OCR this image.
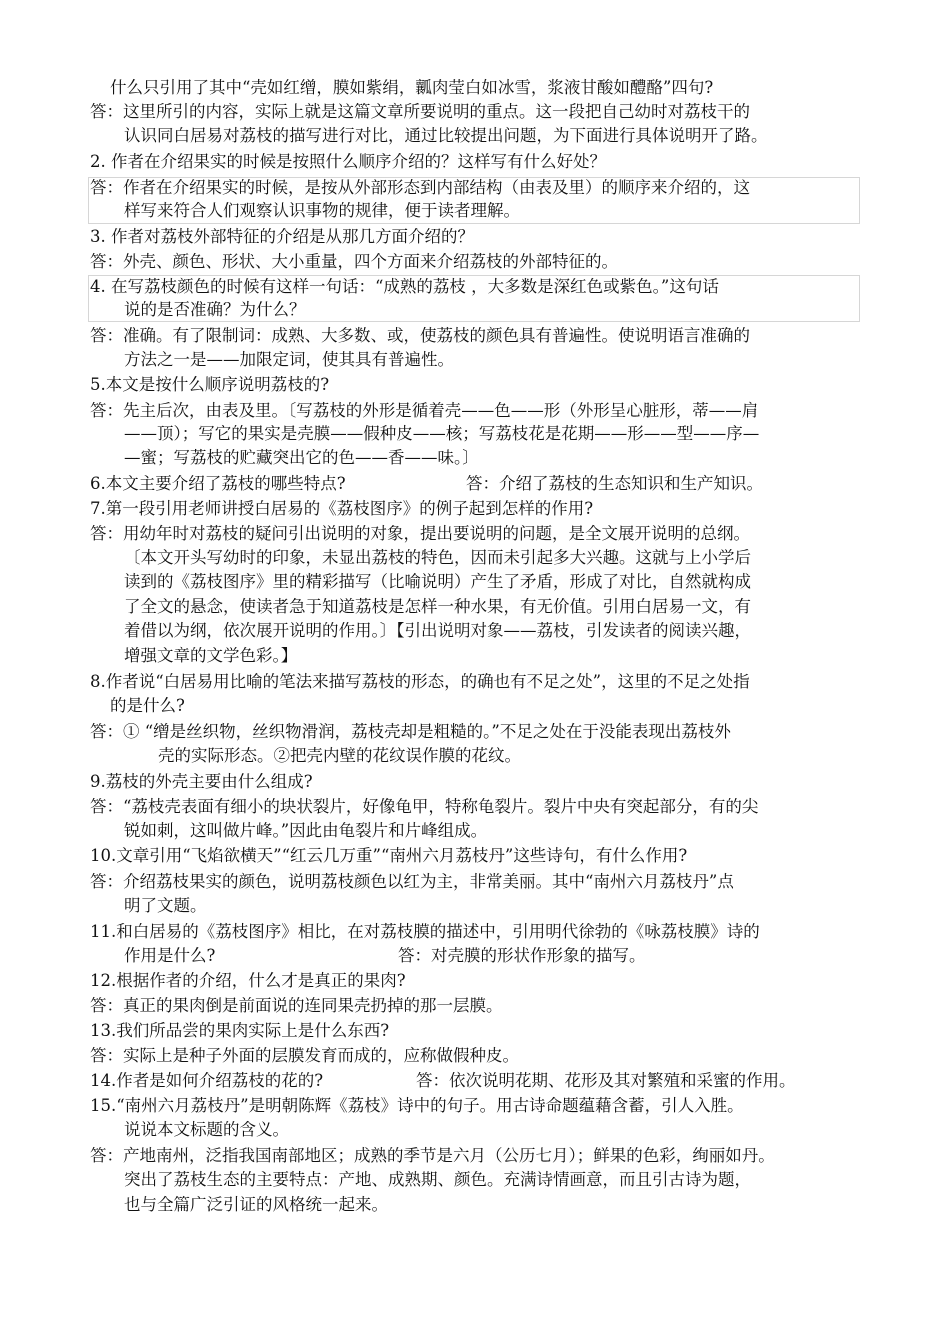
什么只引用了其中“壳如红缯，膜如紫绢，瓤肉莹白如冰雪，浆液甘酸如醴酪”四句?
答：这里所引的内容，实际上就是这篇文章所要说明的重点。这一段把自己幼时对荔枝干的
认识同白居易对荔枝的描写进行对比，通过比较提出问题，为下面进行具体说明开了路。
2. 作者在介绍果实的时候是按照什么顺序介绍的？这样写有什么好处？
答：作者在介绍果实的时候，是按从外部形态到内部结构（由表及里）的顺序来介绍的，这
样写来符合人们观察认识事物的规律，便于读者理解。
3. 作者对荔枝外部特征的介绍是从那几方面介绍的？
答：外壳、颜色、形状、大小重量，四个方面来介绍荔枝的外部特征的。
4. 在写荔枝颜色的时候有这样一句话：“成熟的荔枝 ，大多数是深红色或紫色。”这句话
说的是否准确？为什么？
答：准确。有了限制词：成熟、大多数、或，使荔枝的颜色具有普遍性。使说明语言准确的
方法之一是——加限定词，使其具有普遍性。
5.本文是按什么顺序说明荔枝的?
答：先主后次，由表及里。〔写荔枝的外形是循着壳——色——形（外形呈心脏形，蒂——肩
——顶）；写它的果实是壳膜——假种皮——核；写荔枝花是花期——形——型——序—
—蜜；写荔枝的贮藏突出它的色——香——味。〕
6.本文主要介绍了荔枝的哪些特点?	答：介绍了荔枝的生态知识和生产知识。
7.第一段引用老师讲授白居易的《荔枝图序》的例子起到怎样的作用?
答：用幼年时对荔枝的疑问引出说明的对象，提出要说明的问题，是全文展开说明的总纲。
〔本文开头写幼时的印象，未显出荔枝的特色，因而未引起多大兴趣。这就与上小学后
读到的《荔枝图序》里的精彩描写（比喻说明）产生了矛盾，形成了对比，自然就构成
了全文的悬念，使读者急于知道荔枝是怎样一种水果，有无价值。引用白居易一文，有
着借以为纲，依次展开说明的作用。〕【引出说明对象——荔枝，引发读者的阅读兴趣，
增强文章的文学色彩。】
8.作者说“白居易用比喻的笔法来描写荔枝的形态，的确也有不足之处”，这里的不足之处指
的是什么?
答：① “缯是丝织物，丝织物滑润，荔枝壳却是粗糙的。”不足之处在于没能表现出荔枝外
壳的实际形态。②把壳内壁的花纹误作膜的花纹。
9.荔枝的外壳主要由什么组成?
答：“荔枝壳表面有细小的块状裂片，好像龟甲，特称龟裂片。裂片中央有突起部分，有的尖
锐如刺，这叫做片峰。”因此由龟裂片和片峰组成。
10.文章引用“飞焰欲横天”“红云几万重”“南州六月荔枝丹”这些诗句，有什么作用?
答：介绍荔枝果实的颜色，说明荔枝颜色以红为主，非常美丽。其中“南州六月荔枝丹”点
明了文题。
11.和白居易的《荔枝图序》相比，在对荔枝膜的描述中，引用明代徐勃的《咏荔枝膜》诗的
作用是什么?	答：对壳膜的形状作形象的描写。
12.根据作者的介绍，什么才是真正的果肉?
答：真正的果肉倒是前面说的连同果壳扔掉的那一层膜。
13.我们所品尝的果肉实际上是什么东西?
答：实际上是种子外面的层膜发育而成的，应称做假种皮。
14.作者是如何介绍荔枝的花的?	答：依次说明花期、花形及其对繁殖和采蜜的作用。
15.“南州六月荔枝丹”是明朝陈辉《荔枝》诗中的句子。用古诗命题蕴藉含蓄，引人入胜。
说说本文标题的含义。
答：产地南州，泛指我国南部地区；成熟的季节是六月（公历七月）；鲜果的色彩，绚丽如丹。
突出了荔枝生态的主要特点：产地、成熟期、颜色。充满诗情画意，而且引古诗为题，
也与全篇广泛引证的风格统一起来。
